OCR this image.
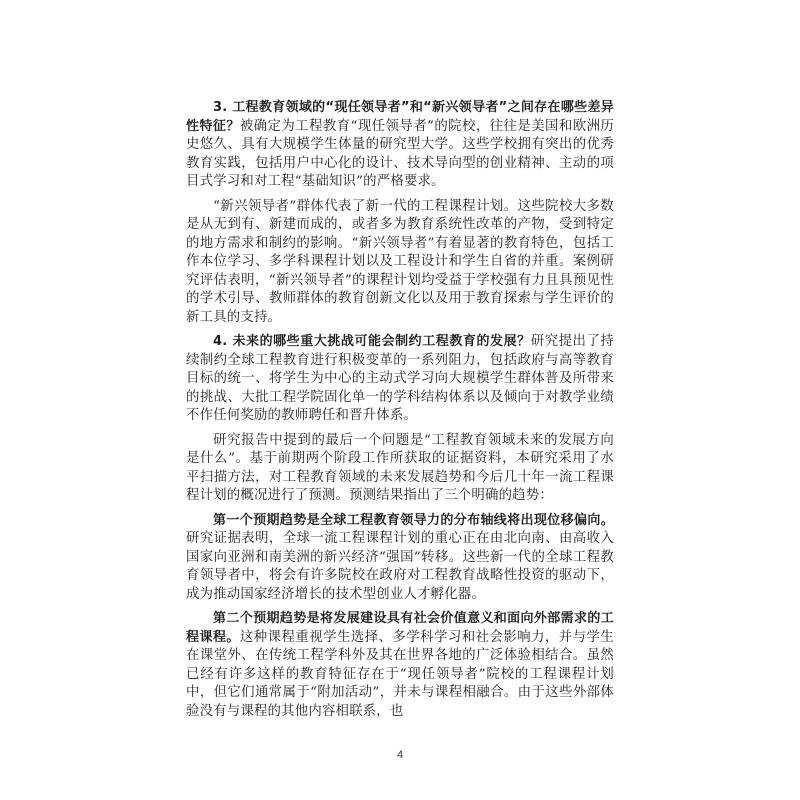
3. 工程教育领域的“现任领导者”和“新兴领导者”之间存在哪些差异性特征？被确定为工程教育“现任领导者”的院校，往往是美国和欧洲历史悠久、具有大规模学生体量的研究型大学。这些学校拥有突出的优秀教育实践，包括用户中心化的设计、技术导向型的创业精神、主动的项目式学习和对工程“基础知识”的严格要求。

“新兴领导者”群体代表了新一代的工程课程计划。这些院校大多数是从无到有、新建而成的，或者多为教育系统性改革的产物，受到特定的地方需求和制约的影响。“新兴领导者”有着显著的教育特色，包括工作本位学习、多学科课程计划以及工程设计和学生自省的并重。案例研究评估表明，“新兴领导者”的课程计划均受益于学校强有力且具预见性的学术引导、教师群体的教育创新文化以及用于教育探索与学生评价的新工具的支持。

4. 未来的哪些重大挑战可能会制约工程教育的发展？研究提出了持续制约全球工程教育进行积极变革的一系列阻力，包括政府与高等教育目标的统一、将学生为中心的主动式学习向大规模学生群体普及所带来的挑战、大批工程学院固化单一的学科结构体系以及倾向于对教学业绩不作任何奖励的教师聘任和晋升体系。

研究报告中提到的最后一个问题是“工程教育领域未来的发展方向是什么”。基于前期两个阶段工作所获取的证据资料，本研究采用了水平扫描方法，对工程教育领域的未来发展趋势和今后几十年一流工程课程计划的概况进行了预测。预测结果指出了三个明确的趋势：

第一个预期趋势是全球工程教育领导力的分布轴线将出现位移偏向。研究证据表明，全球一流工程课程计划的重心正在由北向南、由高收入国家向亚洲和南美洲的新兴经济“强国”转移。这些新一代的全球工程教育领导者中，将会有许多院校在政府对工程教育战略性投资的驱动下，成为推动国家经济增长的技术型创业人才孵化器。

第二个预期趋势是将发展建设具有社会价值意义和面向外部需求的工程课程。这种课程重视学生选择、多学科学习和社会影响力，并与学生在课堂外、在传统工程学科外及其在世界各地的广泛体验相结合。虽然已经有许多这样的教育特征存在于“现任领导者”院校的工程课程计划中，但它们通常属于“附加活动”，并未与课程相融合。由于这些外部体验没有与课程的其他内容相联系，也

4
